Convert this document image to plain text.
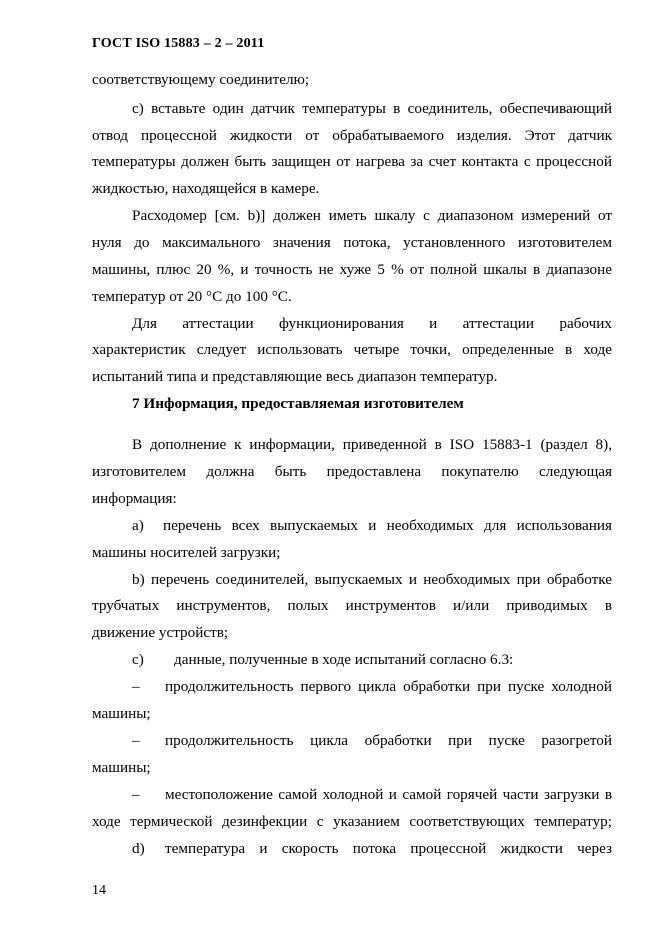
ГОСТ ISO 15883 – 2 – 2011
соответствующему соединителю;
c) вставьте один датчик температуры в соединитель, обеспечивающий
отвод процессной жидкости от обрабатываемого изделия. Этот датчик
температуры должен быть защищен от нагрева за счет контакта с процессной
жидкостью, находящейся в камере.
Расходомер [см. b)] должен иметь шкалу с диапазоном измерений от
нуля до максимального значения потока, установленного изготовителем
машины, плюс 20 %, и точность не хуже 5 % от полной шкалы в диапазоне
температур от 20 °С до 100 °С.
Для аттестации функционирования и аттестации рабочих
характеристик следует использовать четыре точки, определенные в ходе
испытаний типа и представляющие весь диапазон температур.
7 Информация, предоставляемая изготовителем
В дополнение к информации, приведенной в ISO 15883-1 (раздел 8),
изготовителем должна быть предоставлена покупателю следующая
информация:
a) перечень всех выпускаемых и необходимых для использования
машины носителей загрузки;
b) перечень соединителей, выпускаемых и необходимых при обработке
трубчатых инструментов, полых инструментов и/или приводимых в
движение устройств;
c) данные, полученные в ходе испытаний согласно 6.3:
– продолжительность первого цикла обработки при пуске холодной
машины;
– продолжительность цикла обработки при пуске разогретой
машины;
– местоположение самой холодной и самой горячей части загрузки в
ходе термической дезинфекции с указанием соответствующих температур;
d) температура и скорость потока процессной жидкости через
14
